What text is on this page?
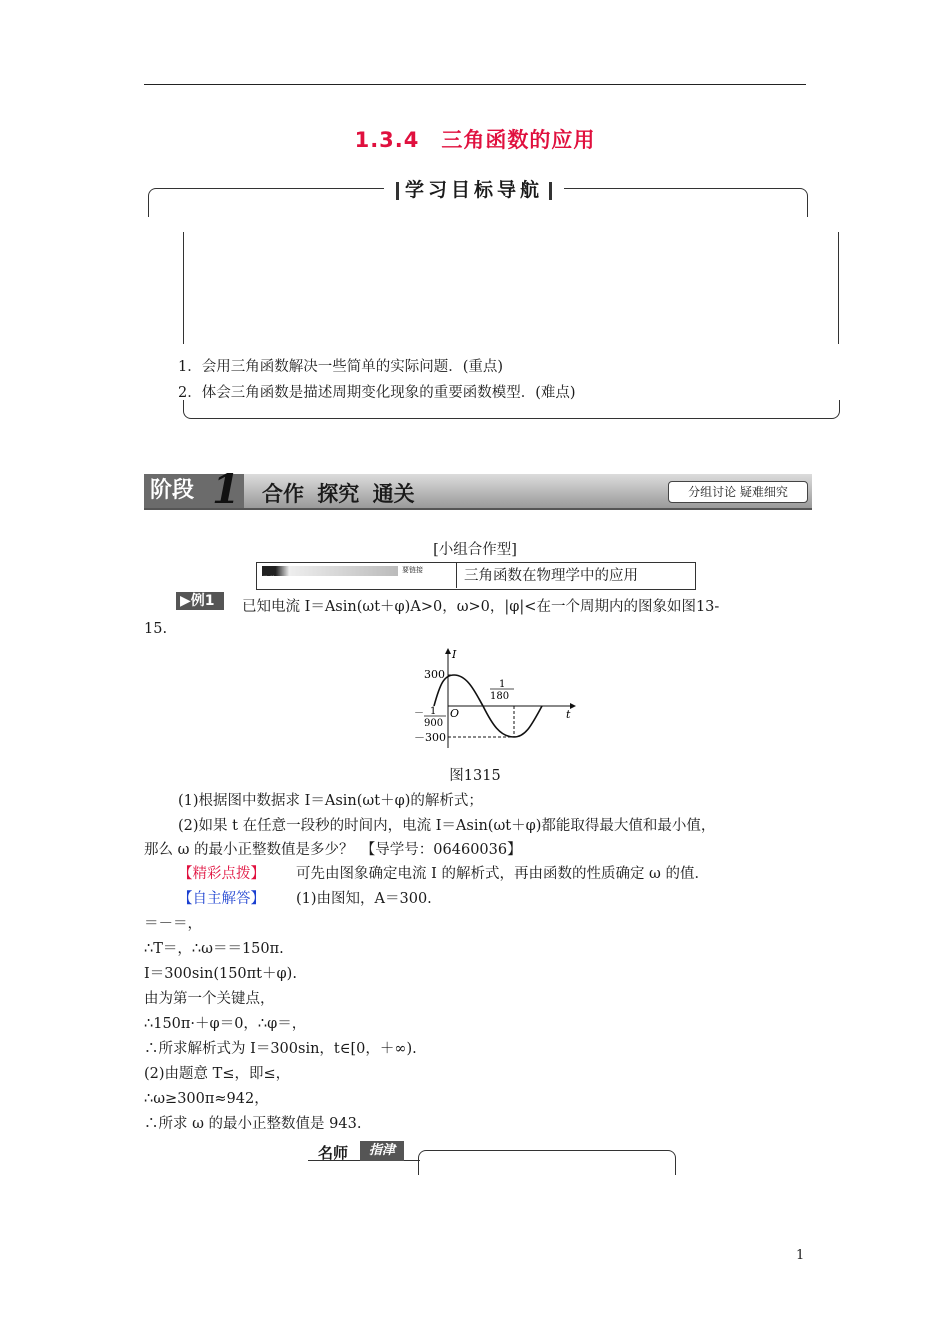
1.3.4　三角函数的应用
学习目标导航
1．会用三角函数解决一些简单的实际问题．(重点)
2．体会三角函数是描述周期变化现象的重要函数模型．(难点)
阶段 1 合作 探究 通关	分组讨论 疑难细究
[小组合作型]
类型1
要链接	三角函数在物理学中的应用
▶例1	已知电流 I＝Asin(ωt＋φ)A>0，ω>0，|φ|<在一个周期内的图象如图13-
15.
I
t
O
300
－300
－ 1
900
1
180
图1315
(1)根据图中数据求 I＝Asin(ωt＋φ)的解析式；
(2)如果 t 在任意一段秒的时间内，电流 I＝Asin(ωt＋φ)都能取得最大值和最小值，
那么 ω 的最小正整数值是多少？　【导学号：06460036】
【精彩点拨】 可先由图象确定电流 I 的解析式，再由函数的性质确定 ω 的值．
【自主解答】 (1)由图知，A＝300.
＝－＝，
∴T＝，∴ω＝＝150π.
I＝300sin(150πt＋φ).
由为第一个关键点，
∴150π·＋φ＝0，∴φ＝，
∴所求解析式为 I＝300sin，t∈[0，＋∞).
(2)由题意 T≤，即≤，
∴ω≥300π≈942，
∴所求 ω 的最小正整数值是 943.
名师	指津
1
